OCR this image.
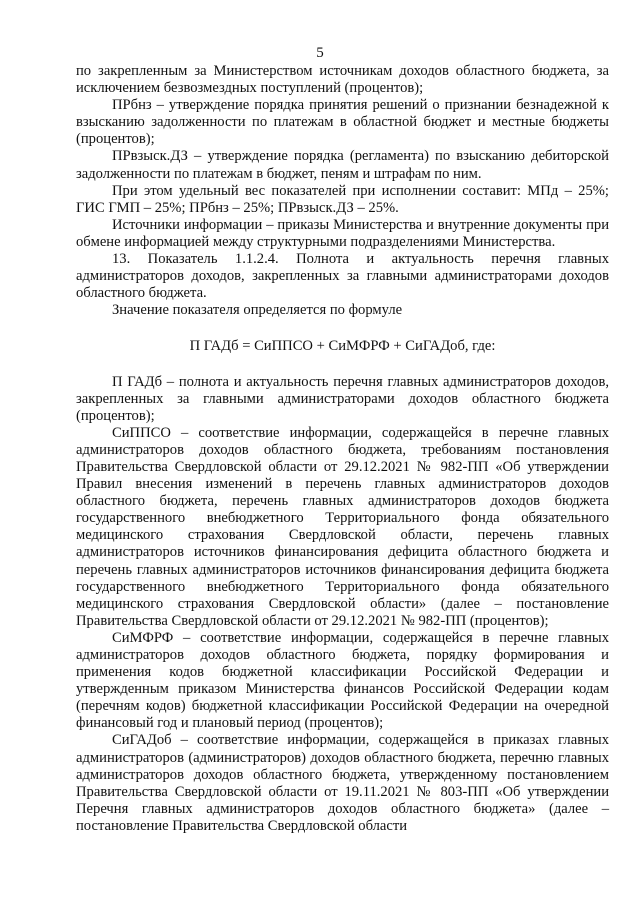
5

по закрепленным за Министерством источникам доходов областного бюджета, за исключением безвозмездных поступлений (процентов);

ПРбнз – утверждение порядка принятия решений о признании безнадежной к взысканию задолженности по платежам в областной бюджет и местные бюджеты (процентов);

ПРвзыск.ДЗ – утверждение порядка (регламента) по взысканию дебиторской задолженности по платежам в бюджет, пеням и штрафам по ним.

При этом удельный вес показателей при исполнении составит: МПд – 25%; ГИС ГМП – 25%; ПРбнз – 25%; ПРвзыск.ДЗ – 25%.

Источники информации – приказы Министерства и внутренние документы при обмене информацией между структурными подразделениями Министерства.

13. Показатель 1.1.2.4. Полнота и актуальность перечня главных администраторов доходов, закрепленных за главными администраторами доходов областного бюджета.

Значение показателя определяется по формуле

П ГАДб = СиППСО + СиМФРФ + СиГАДоб, где:

П ГАДб – полнота и актуальность перечня главных администраторов доходов, закрепленных за главными администраторами доходов областного бюджета (процентов);

СиППСО – соответствие информации, содержащейся в перечне главных администраторов доходов областного бюджета, требованиям постановления Правительства Свердловской области от 29.12.2021 № 982-ПП «Об утверждении Правил внесения изменений в перечень главных администраторов доходов областного бюджета, перечень главных администраторов доходов бюджета государственного внебюджетного Территориального фонда обязательного медицинского страхования Свердловской области, перечень главных администраторов источников финансирования дефицита областного бюджета и перечень главных администраторов источников финансирования дефицита бюджета государственного внебюджетного Территориального фонда обязательного медицинского страхования Свердловской области» (далее – постановление Правительства Свердловской области от 29.12.2021 № 982-ПП (процентов);

СиМФРФ – соответствие информации, содержащейся в перечне главных администраторов доходов областного бюджета, порядку формирования и применения кодов бюджетной классификации Российской Федерации и утвержденным приказом Министерства финансов Российской Федерации кодам (перечням кодов) бюджетной классификации Российской Федерации на очередной финансовый год и плановый период (процентов);

СиГАДоб – соответствие информации, содержащейся в приказах главных администраторов (администраторов) доходов областного бюджета, перечню главных администраторов доходов областного бюджета, утвержденному постановлением Правительства Свердловской области от 19.11.2021 № 803-ПП «Об утверждении Перечня главных администраторов доходов областного бюджета» (далее – постановление Правительства Свердловской области
